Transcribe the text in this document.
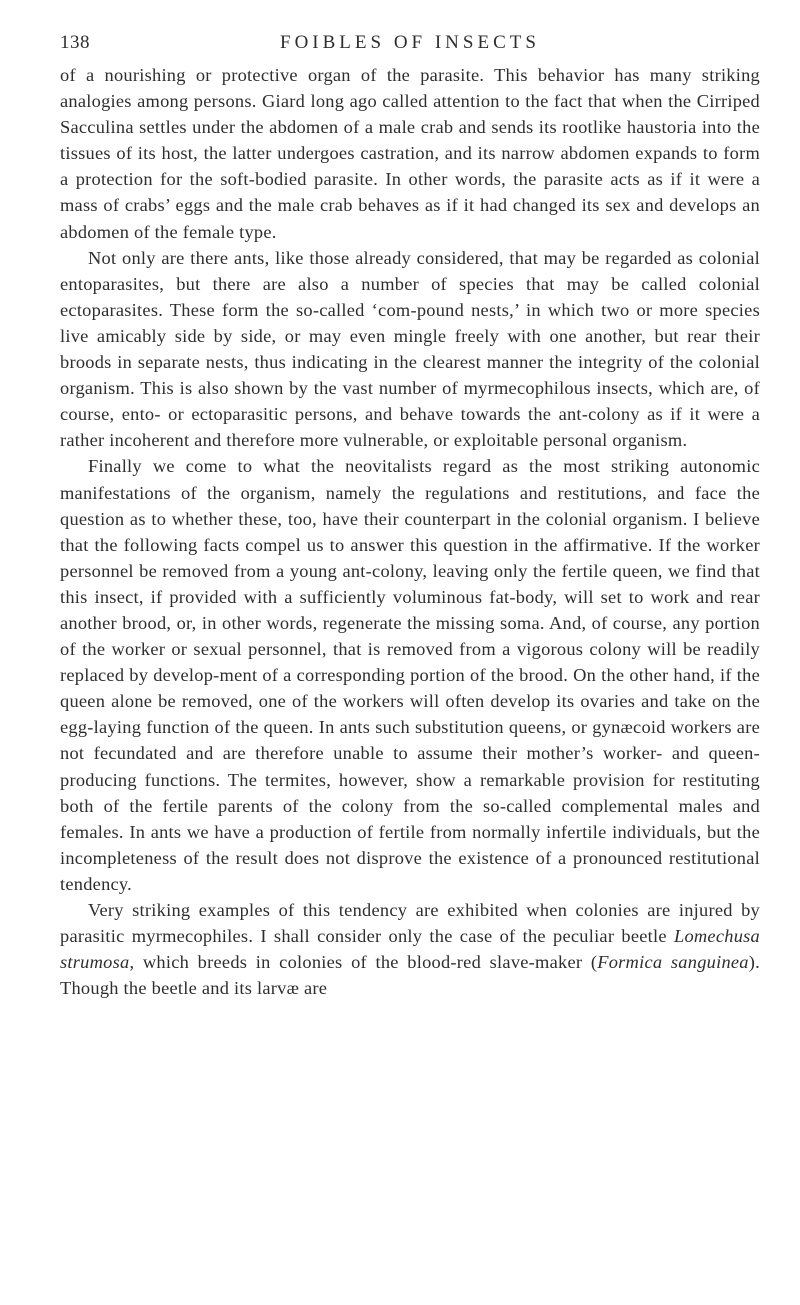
138	FOIBLES OF INSECTS

of a nourishing or protective organ of the parasite. This behavior has many striking analogies among persons. Giard long ago called attention to the fact that when the Cirriped Sacculina settles under the abdomen of a male crab and sends its rootlike haustoria into the tissues of its host, the latter undergoes castration, and its narrow abdomen expands to form a protection for the soft-bodied parasite. In other words, the parasite acts as if it were a mass of crabs’ eggs and the male crab behaves as if it had changed its sex and develops an abdomen of the female type.

Not only are there ants, like those already considered, that may be regarded as colonial entoparasites, but there are also a number of species that may be called colonial ectoparasites. These form the so-called ‘com-pound nests,’ in which two or more species live amicably side by side, or may even mingle freely with one another, but rear their broods in separate nests, thus indicating in the clearest manner the integrity of the colonial organism. This is also shown by the vast number of myrmecophilous insects, which are, of course, ento- or ectoparasitic persons, and behave towards the ant-colony as if it were a rather incoherent and therefore more vulnerable, or exploitable personal organism.

Finally we come to what the neovitalists regard as the most striking autonomic manifestations of the organism, namely the regulations and restitutions, and face the question as to whether these, too, have their counterpart in the colonial organism. I believe that the following facts compel us to answer this question in the affirmative. If the worker personnel be removed from a young ant-colony, leaving only the fertile queen, we find that this insect, if provided with a sufficiently voluminous fat-body, will set to work and rear another brood, or, in other words, regenerate the missing soma. And, of course, any portion of the worker or sexual personnel, that is removed from a vigorous colony will be readily replaced by develop-ment of a corresponding portion of the brood. On the other hand, if the queen alone be removed, one of the workers will often develop its ovaries and take on the egg-laying function of the queen. In ants such substitution queens, or gynæcoid workers are not fecundated and are therefore unable to assume their mother’s worker- and queen-producing functions. The termites, however, show a remarkable provision for restituting both of the fertile parents of the colony from the so-called complemental males and females. In ants we have a production of fertile from normally infertile individuals, but the incompleteness of the result does not disprove the existence of a pronounced restitutional tendency.

Very striking examples of this tendency are exhibited when colonies are injured by parasitic myrmecophiles. I shall consider only the case of the peculiar beetle Lomechusa strumosa, which breeds in colonies of the blood-red slave-maker (Formica sanguinea). Though the beetle and its larvæ are
